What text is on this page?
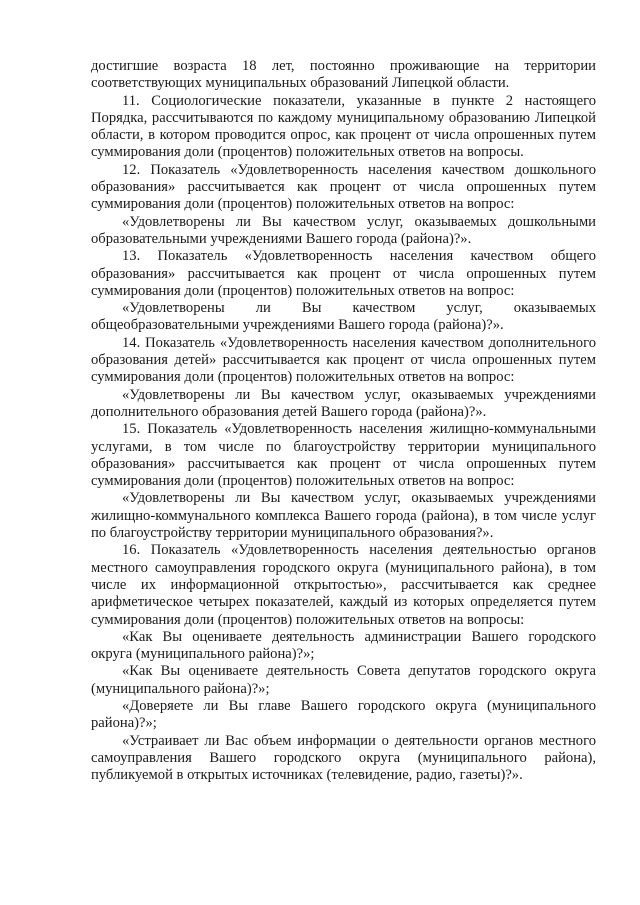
достигшие возраста 18 лет, постоянно проживающие на территории соответствующих муниципальных образований Липецкой области.

11. Социологические показатели, указанные в пункте 2 настоящего Порядка, рассчитываются по каждому муниципальному образованию Липецкой области, в котором проводится опрос, как процент от числа опрошенных путем суммирования доли (процентов) положительных ответов на вопросы.

12. Показатель «Удовлетворенность населения качеством дошкольного образования» рассчитывается как процент от числа опрошенных путем суммирования доли (процентов) положительных ответов на вопрос:

«Удовлетворены ли Вы качеством услуг, оказываемых дошкольными образовательными учреждениями Вашего города (района)?».

13. Показатель «Удовлетворенность населения качеством общего образования» рассчитывается как процент от числа опрошенных путем суммирования доли (процентов) положительных ответов на вопрос:

«Удовлетворены ли Вы качеством услуг, оказываемых общеобразовательными учреждениями Вашего города (района)?».

14. Показатель «Удовлетворенность населения качеством дополнительного образования детей» рассчитывается как процент от числа опрошенных путем суммирования доли (процентов) положительных ответов на вопрос:

«Удовлетворены ли Вы качеством услуг, оказываемых учреждениями дополнительного образования детей Вашего города (района)?».

15. Показатель «Удовлетворенность населения жилищно-коммунальными услугами, в том числе по благоустройству территории муниципального образования» рассчитывается как процент от числа опрошенных путем суммирования доли (процентов) положительных ответов на вопрос:

«Удовлетворены ли Вы качеством услуг, оказываемых учреждениями жилищно-коммунального комплекса Вашего города (района), в том числе услуг по благоустройству территории муниципального образования?».

16. Показатель «Удовлетворенность населения деятельностью органов местного самоуправления городского округа (муниципального района), в том числе их информационной открытостью», рассчитывается как среднее арифметическое четырех показателей, каждый из которых определяется путем суммирования доли (процентов) положительных ответов на вопросы:

«Как Вы оцениваете деятельность администрации Вашего городского округа (муниципального района)?»;

«Как Вы оцениваете деятельность Совета депутатов городского округа (муниципального района)?»;

«Доверяете ли Вы главе Вашего городского округа (муниципального района)?»;

«Устраивает ли Вас объем информации о деятельности органов местного самоуправления Вашего городского округа (муниципального района), публикуемой в открытых источниках (телевидение, радио, газеты)?».
